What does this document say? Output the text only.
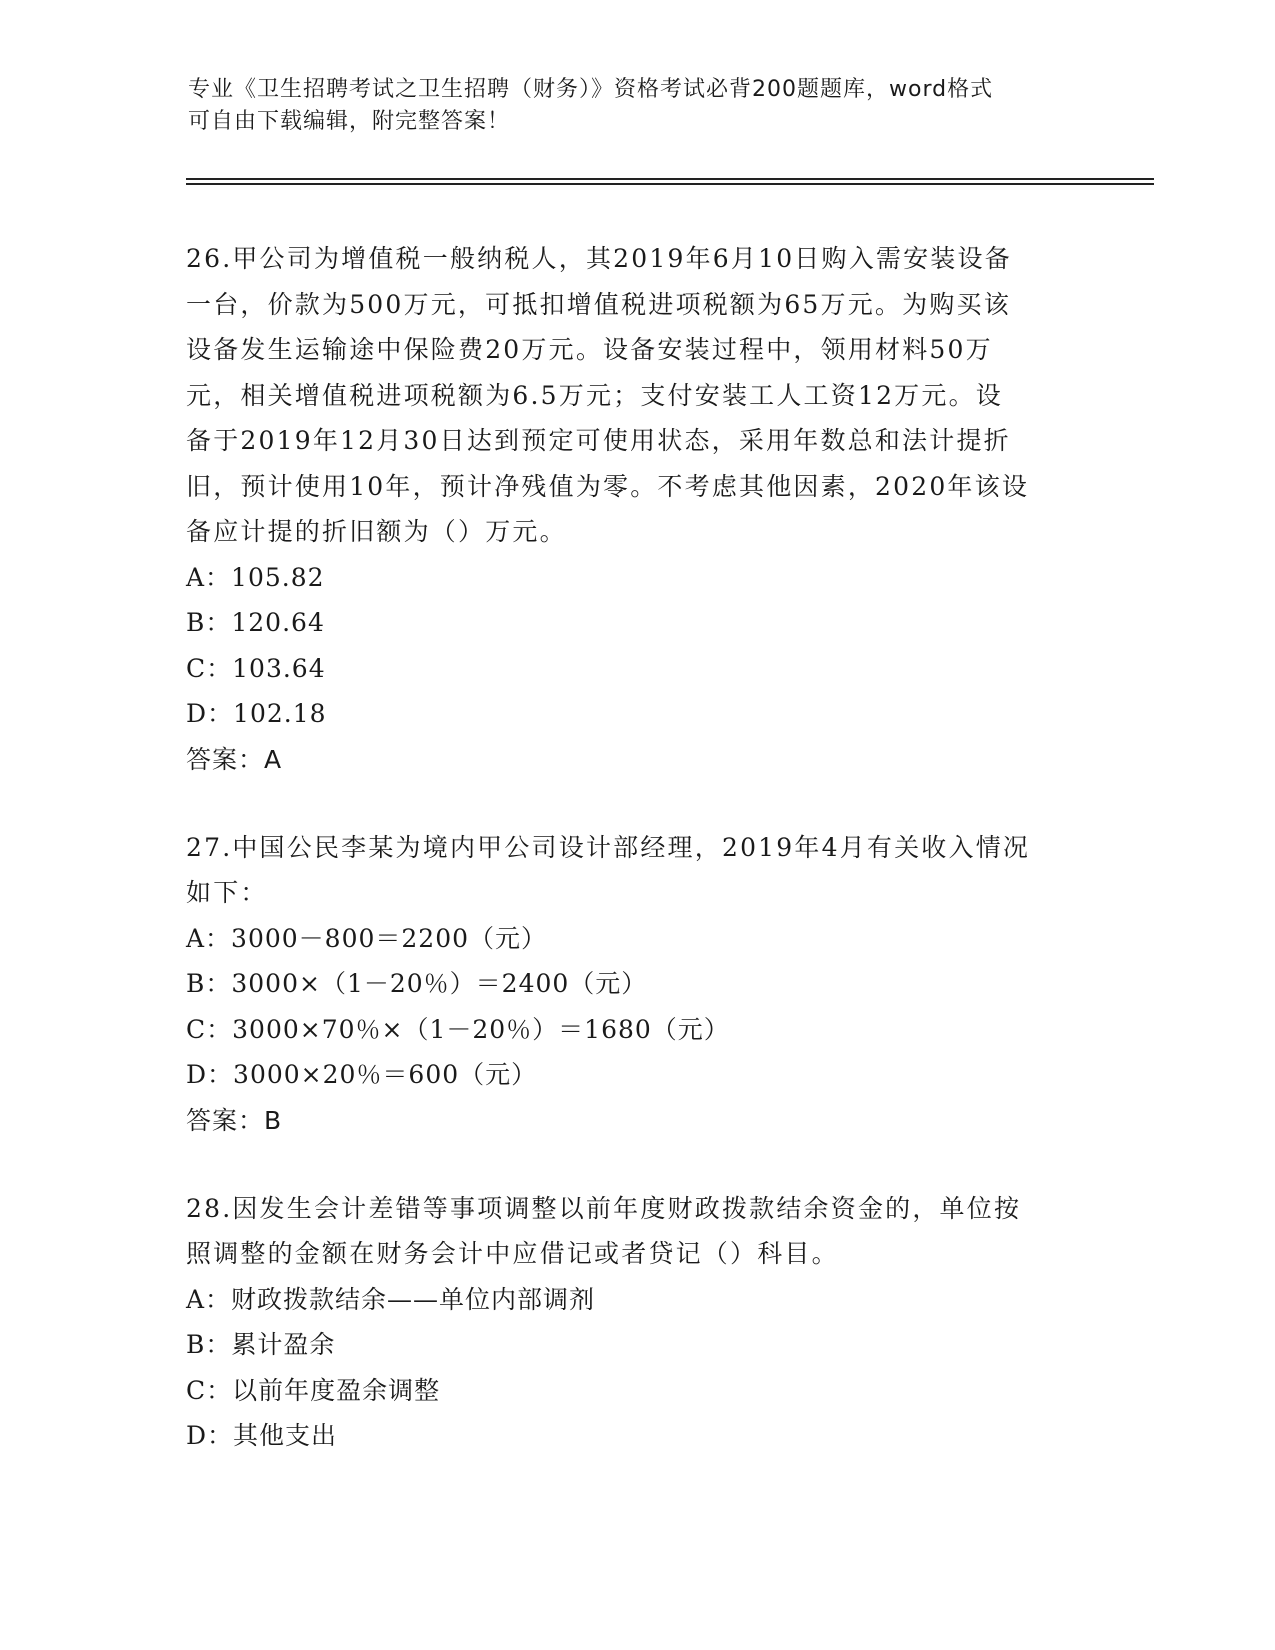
专业《卫生招聘考试之卫生招聘（财务）》资格考试必背200题题库，word格式
可自由下载编辑，附完整答案！
26.甲公司为增值税一般纳税人，其2019年6月10日购入需安装设备
一台，价款为500万元，可抵扣增值税进项税额为65万元。为购买该
设备发生运输途中保险费20万元。设备安装过程中，领用材料50万
元，相关增值税进项税额为6.5万元；支付安装工人工资12万元。设
备于2019年12月30日达到预定可使用状态，采用年数总和法计提折
旧，预计使用10年，预计净残值为零。不考虑其他因素，2020年该设
备应计提的折旧额为（）万元。
A：105.82
B：120.64
C：103.64
D：102.18
答案：A
27.中国公民李某为境内甲公司设计部经理，2019年4月有关收入情况
如下：
A：3000－800＝2200（元）
B：3000×（1－20％）＝2400（元）
C：3000×70％×（1－20％）＝1680（元）
D：3000×20％＝600（元）
答案：B
28.因发生会计差错等事项调整以前年度财政拨款结余资金的，单位按
照调整的金额在财务会计中应借记或者贷记（）科目。
A：财政拨款结余——单位内部调剂
B：累计盈余
C：以前年度盈余调整
D：其他支出
